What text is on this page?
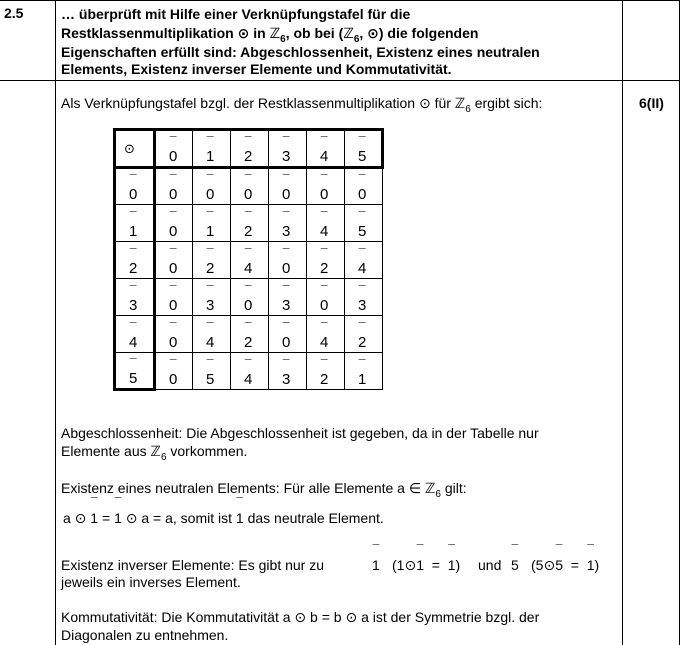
2.5	… überprüft mit Hilfe einer Verknüpfungstafel für die
Restklassenmultiplikation ⊙ in ℤ$_6$, ob bei (ℤ$_6$, ⊙) die folgenden
Eigenschaften erfüllt sind: Abgeschlossenheit, Existenz eines neutralen
Elements, Existenz inverser Elemente und Kommutativität.
6(II)
Als Verknüpfungstafel bzgl. der Restklassenmultiplikation ⊙ für ℤ$_6$ ergibt sich:
⊙	¯ 0	¯ 1	¯ 2	¯ 3	¯ 4	¯ 5
¯ 0	¯ 0	¯ 0	¯ 0	¯ 0	¯ 0	¯ 0
¯ 1	¯ 0	¯ 1	¯ 2	¯ 3	¯ 4	¯ 5
¯ 2	¯ 0	¯ 2	¯ 4	¯ 0	¯ 2	¯ 4
¯ 3	¯ 0	¯ 3	¯ 0	¯ 3	¯ 0	¯ 3
¯ 4	¯ 0	¯ 4	¯ 2	¯ 0	¯ 4	¯ 2
¯ 5	¯ 0	¯ 5	¯ 4	¯ 3	¯ 2	¯ 1
Abgeschlossenheit: Die Abgeschlossenheit ist gegeben, da in der Tabelle nur
Elemente aus ℤ$_6$ vorkommen.
Existenz eines neutralen Elements: Für alle Elemente a ∈ ℤ$_6$ gilt:
a ⊙ ¯ 1 = ¯ 1 ⊙ a = a, somit ist ¯ 1 das neutrale Element.
Existenz inverser Elemente: Es gibt nur zu	¯ 1 (1⊙¯ 1 = ¯ 1) und ¯ 5 (5⊙¯ 5 = ¯ 1)
jeweils ein inverses Element.
Kommutativität: Die Kommutativität a ⊙ b = b ⊙ a ist der Symmetrie bzgl. der
Diagonalen zu entnehmen.
